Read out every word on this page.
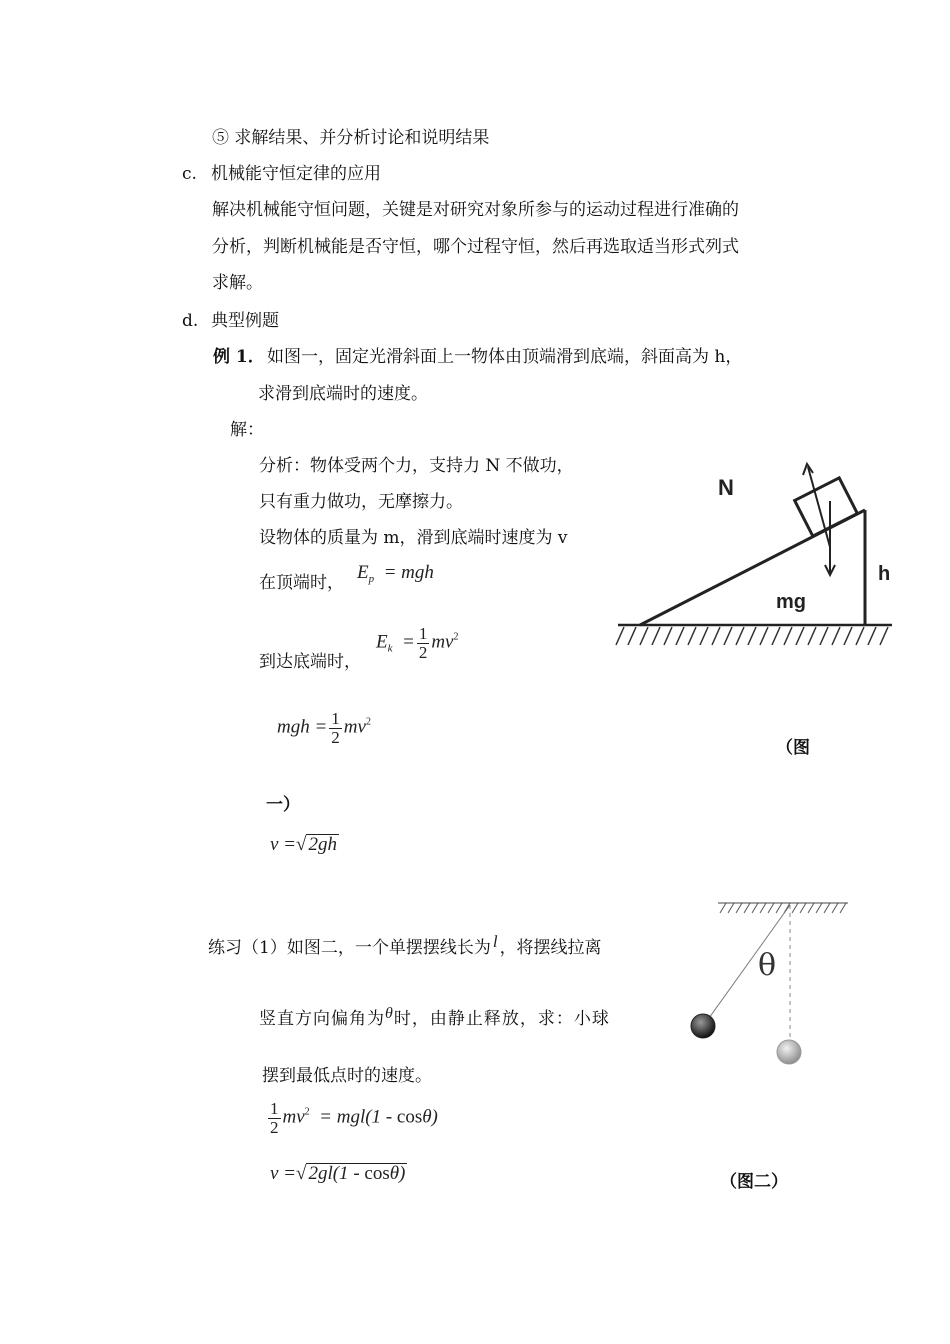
⑤ 求解结果、并分析讨论和说明结果
c. 机械能守恒定律的应用
解决机械能守恒问题，关键是对研究对象所参与的运动过程进行准确的
分析，判断机械能是否守恒，哪个过程守恒，然后再选取适当形式列式
求解。
d. 典型例题
例 1． 如图一，固定光滑斜面上一物体由顶端滑到底端，斜面高为 h，
求滑到底端时的速度。
解：
分析：物体受两个力，支持力 N 不做功，
只有重力做功，无摩擦力。
设物体的质量为 m，滑到底端时速度为 v
在顶端时， $E_p$  = mgh
到达底端时，
$E_k = \frac{1}{2} mv^2$
mgh = $\frac{1}{2} mv^2$
（图
一）
v =√ 2gh
N
mg
h
练习（1）如图二，一个单摆摆线长为 l ，将摆线拉离
竖直方向偏角为θ时，由静止释放，求：小球
摆到最低点时的速度。
$\frac{1}{2} mv^2 = mgl(1 - \cos\theta)$
v =√ 2gl(1 - cosθ)	（图二）
θ
